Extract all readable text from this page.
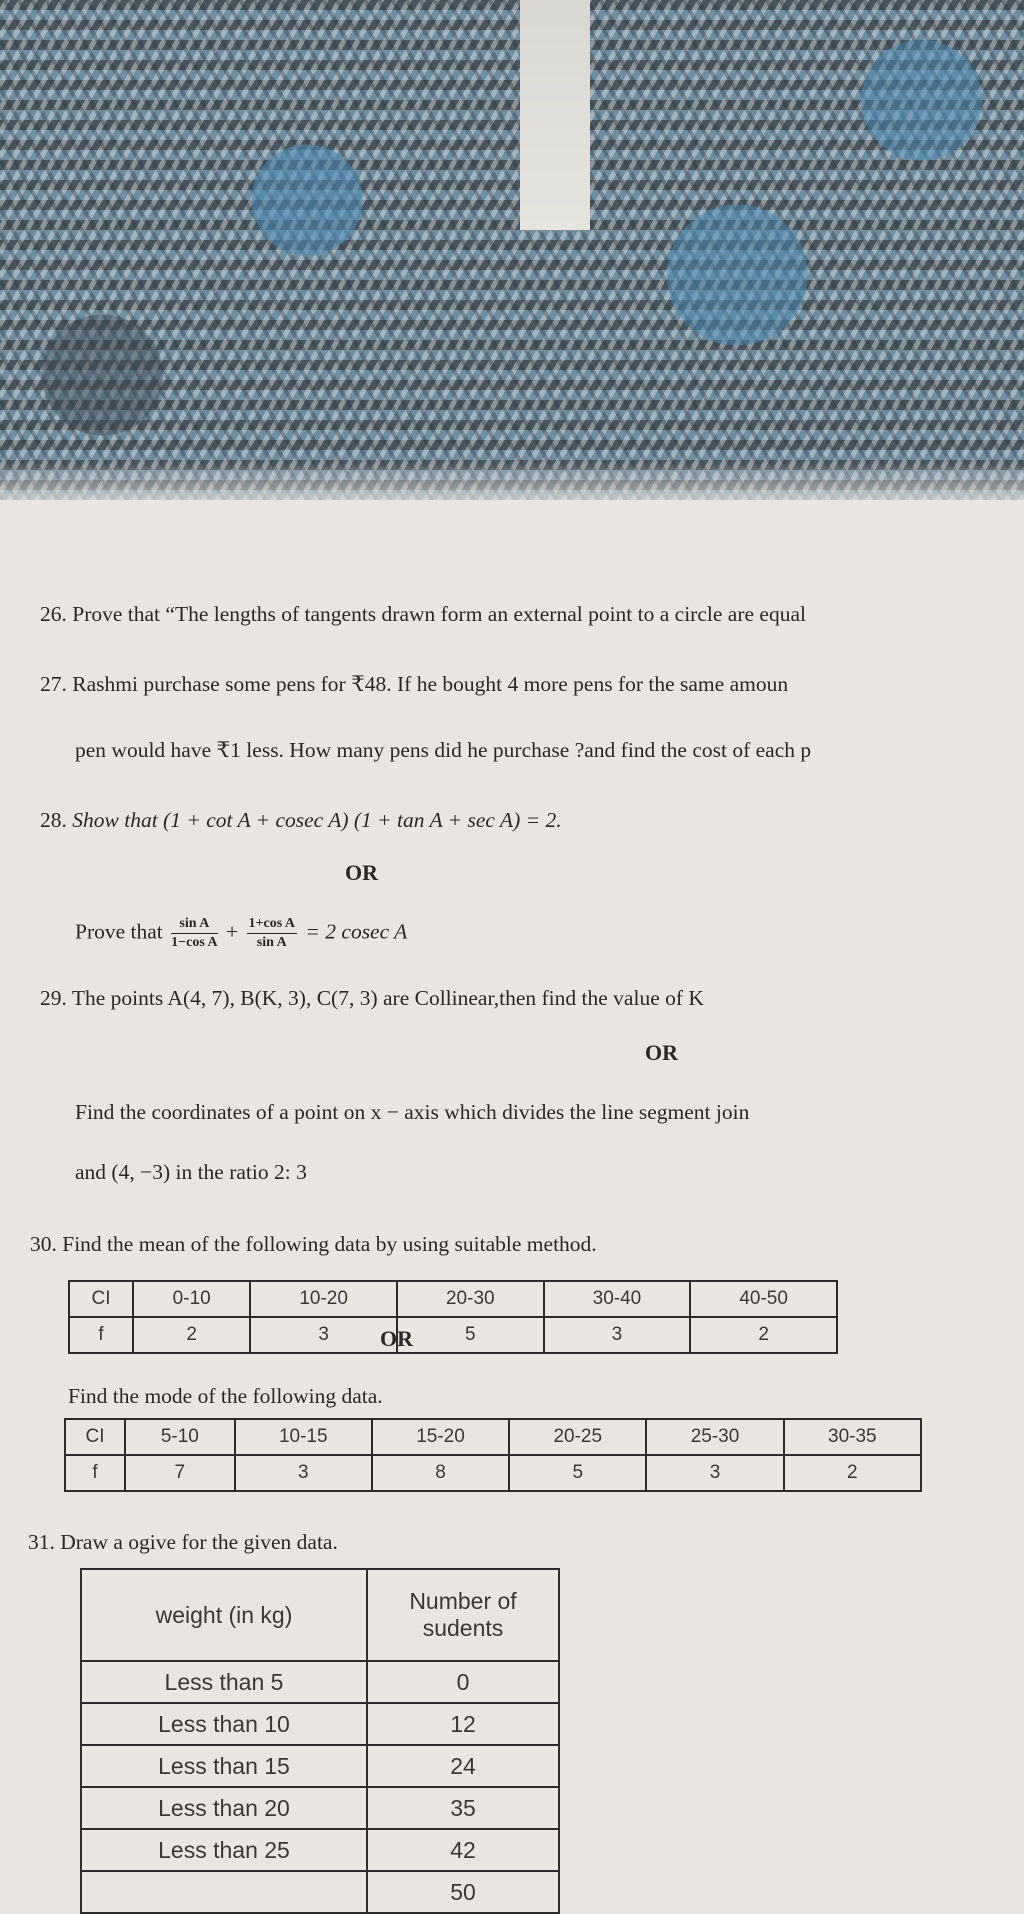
26. Prove that “The lengths of tangents drawn form an external point to a circle are equal
27. Rashmi purchase some pens for ₹48. If he bought 4 more pens for the same amoun
pen would have ₹1 less. How many pens did he purchase ?and find the cost of each p
28. Show that (1 + cot A + cosec A) (1 + tan A + sec A) = 2.
OR
Prove that $\frac{\text{sin A}}{\text{1−cos A}} + \frac{\text{1+cos A}}{\text{sin A}} = 2$ cosec A
29. The points A(4, 7), B(K, 3), C(7, 3) are Collinear,then find the value of K
OR
Find the coordinates of a point on x − axis which divides the line segment join
and (4, −3) in the ratio 2: 3
30. Find the mean of the following data by using suitable method.
CI	0-10	10-20	20-30	30-40	40-50
f	2	3	5	3	2
OR
Find the mode of the following data.
CI	5-10	10-15	15-20	20-25	25-30	30-35
f	7	3	8	5	3	2
31. Draw a ogive for the given data.
weight (in kg)	Number of
sudents
Less than 5	0
Less than 10	12
Less than 15	24
Less than 20	35
Less than 25	42
	50
